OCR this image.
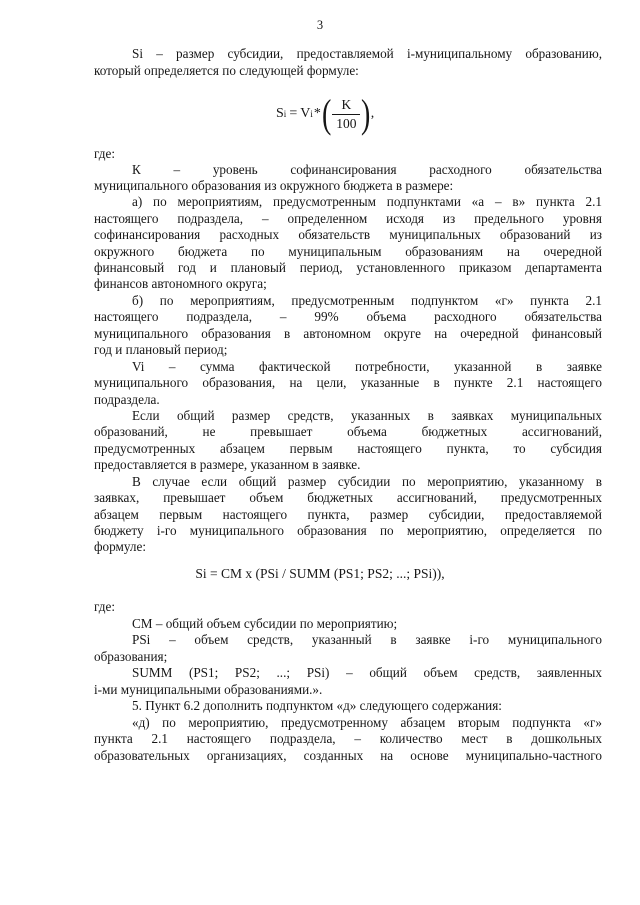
3
Si – размер субсидии, предоставляемой i-муниципальному образованию,
который определяется по следующей формуле:
S i = V i * ( $\frac{K}{100}$ ) ,
где:
К – уровень софинансирования расходного обязательства
муниципального образования из окружного бюджета в размере:
а) по мероприятиям, предусмотренным подпунктами «а – в» пункта 2.1
настоящего подраздела, – определенном исходя из предельного уровня
софинансирования расходных обязательств муниципальных образований из
окружного бюджета по муниципальным образованиям на очередной
финансовый год и плановый период, установленного приказом департамента
финансов автономного округа;
б) по мероприятиям, предусмотренным подпунктом «г» пункта 2.1
настоящего подраздела, – 99% объема расходного обязательства
муниципального образования в автономном округе на очередной финансовый
год и плановый период;
Vi – сумма фактической потребности, указанной в заявке
муниципального образования, на цели, указанные в пункте 2.1 настоящего
подраздела.
Если общий размер средств, указанных в заявках муниципальных
образований, не превышает объема бюджетных ассигнований,
предусмотренных абзацем первым настоящего пункта, то субсидия
предоставляется в размере, указанном в заявке.
В случае если общий размер субсидии по мероприятию, указанному в
заявках, превышает объем бюджетных ассигнований, предусмотренных
абзацем первым настоящего пункта, размер субсидии, предоставляемой
бюджету i-го муниципального образования по мероприятию, определяется по
формуле:
Si = CM x (PSi / SUMM (PS1; PS2; ...; PSi)),
где:
СМ – общий объем субсидии по мероприятию;
PSi – объем средств, указанный в заявке i-го муниципального
образования;
SUMM (PS1; PS2; ...; PSi) – общий объем средств, заявленных
i-ми муниципальными образованиями.».
5. Пункт 6.2 дополнить подпунктом «д» следующего содержания:
«д) по мероприятию, предусмотренному абзацем вторым подпункта «г»
пункта 2.1 настоящего подраздела, – количество мест в дошкольных
образовательных организациях, созданных на основе муниципально-частного
